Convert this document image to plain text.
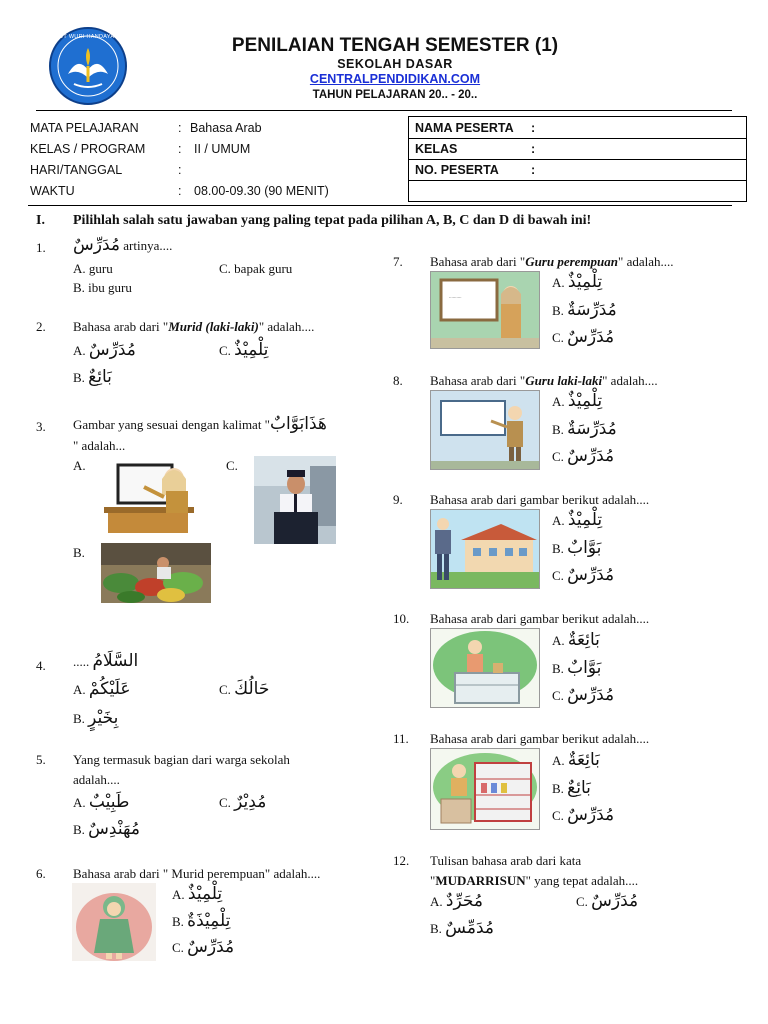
TUT WURI HANDAYANI	PENILAIAN TENGAH SEMESTER (1)
SEKOLAH DASAR
CENTRALPENDIDIKAN.COM
TAHUN PELAJARAN 20.. - 20..
MATA PELAJARAN	: Bahasa Arab
KELAS / PROGRAM	: II / UMUM
HARI/TANGGAL	:
WAKTU	: 08.00-09.30 (90 MENIT)
NAMA PESERTA :
KELAS	:
NO. PESERTA	:
I. Pilihlah salah satu jawaban yang paling tepat pada pilihan A, B, C dan D di bawah ini!
1. مُدَرِّسٌ artinya....
A. guru	C. bapak guru
B. ibu guru
2. Bahasa arab dari "Murid (laki-laki)" adalah....
A. مُدَرِّسٌ	C. تِلْمِيْذٌ
B. بَائِعٌ
3. Gambar yang sesuai dengan kalimat "هَذَابَوَّابٌ
" adalah...
A.	C.
B.
4. ..... السَّلَامُ
A. عَلَيْكُمْ	C. حَالُكَ
B. بِخَيْرٍ
5. Yang termasuk bagian dari warga sekolah
adalah....
A. طَبِيْبٌ	C. مُدِيْرٌ
B. مُهَنْدِسٌ
6. Bahasa arab dari " Murid perempuan" adalah....
A. تِلْمِيْذٌ
B. تِلْمِيْذَةٌ
C. مُدَرِّسٌ
7. Bahasa arab dari "Guru perempuan" adalah....
..........
A. تِلْمِيْذٌ
B. مُدَرِّسَةٌ
C. مُدَرِّسٌ
8. Bahasa arab dari "Guru laki-laki" adalah....
A. تِلْمِيْذٌ
B. مُدَرِّسَةٌ
C. مُدَرِّسٌ
9. Bahasa arab dari gambar berikut adalah....
A. تِلْمِيْذٌ
B. بَوَّابٌ
C. مُدَرِّسٌ
10. Bahasa arab dari gambar berikut adalah....
A. بَائِعَةٌ
B. بَوَّابٌ
C. مُدَرِّسٌ
11. Bahasa arab dari gambar berikut adalah....
A. بَائِعَةٌ
B. بَائِعٌ
C. مُدَرِّسٌ
12. Tulisan bahasa arab dari kata
"MUDARRISUN" yang tepat adalah....
A. مُحَرِّدٌ	C. مُدَرِّسٌ
B. مُدَمِّسٌ
